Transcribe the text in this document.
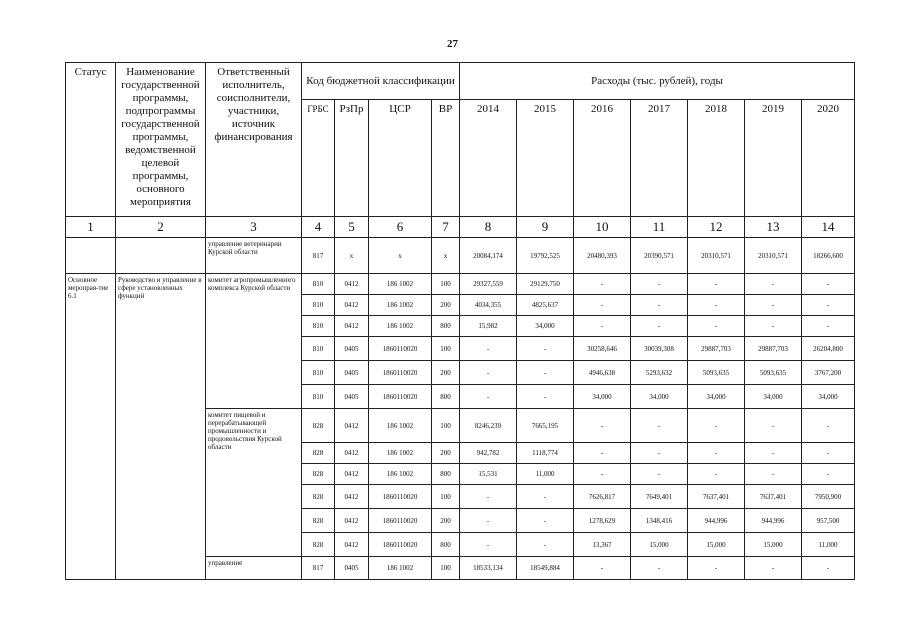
27
Статус	Наименование государственной программы, подпрограммы государственной программы, ведомственной целевой программы, основного мероприятия	Ответственный исполнитель, соисполнители, участники, источник финансирования	Код бюджетной классификации				Расходы (тыс. рублей), годы						
			ГРБС	РзПр	ЦСР	ВР	2014	2015	2016	2017	2018	2019	2020
1	2	3	4	5	6	7	8	9	10	11	12	13	14
		управление ветеринарии Курской области	817	х	х	х	20084,174	19792,525	20480,393	20390,571	20310,571	20310,571	18266,600
Основное меропрая-тие 6.1	Руководство и управление в сфере установленных функций	комитет агропромышленного комплекса Курской области	810	0412	186 1002	100	29327,559	29129,750	-	-	-	-	-
			810	0412	186 1002	200	4034,355	4825,637	-	-	-	-	-
			810	0412	186 1002	800	15,982	34,000	-	-	-	-	-
			810	0405	1860110020	100	-	-	30258,646	30039,308	29887,703	29887,703	26204,800
			810	0405	1860110020	200	-	-	4946,638	5293,632	5093,635	5093,635	3767,200
			810	0405	1860110020	800	-	-	34,000	34,000	34,000	34,000	34,000
		комитет пищевой и перерабатывающей промышленности и продовольствия Курской области	828	0412	186 1002	100	8246,239	7665,195	-	-	-	-	-
			828	0412	186 1002	200	942,782	1118,774	-	-	-	-	-
			828	0412	186 1002	800	15,531	11,000	-	-	-	-	-
			828	0412	1860110020	100	-	-	7626,817	7649,401	7637,401	7637,401	7950,900
			828	0412	1860110020	200	-	-	1278,629	1348,416	944,996	944,996	957,500
			828	0412	1860110020	800	-	-	13,367	15,000	15,000	15,000	11,000
		управление	817	0405	186 1002	100	18533,134	18549,884	-	-	-	-	-
